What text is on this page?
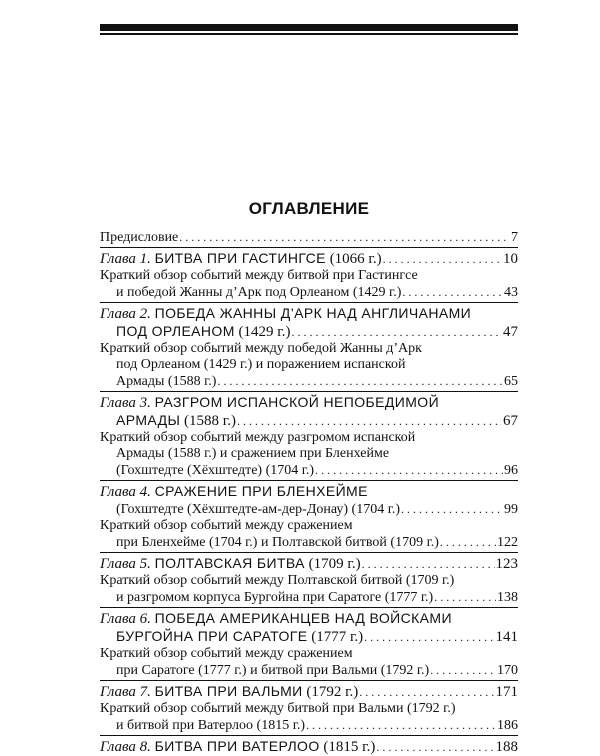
ОГЛАВЛЕНИЕ
Предисловие . . .	7
Глава 1.
БИТВА ПРИ ГАСТИНГСЕ
(1066 г.) . . .	10
Краткий обзор событий между битвой при Гастингсе
и победой Жанны д’Арк под Орлеаном (1429 г.) . . .	43
Глава 2.
ПОБЕДА ЖАННЫ Д’АРК НАД АНГЛИЧАНАМИ
ПОД ОРЛЕАНОМ
(1429 г.) . . .	47
Краткий обзор событий между победой Жанны д’Арк
под Орлеаном (1429 г.) и поражением испанской
Армады (1588 г.) . . .	65
Глава 3.
РАЗГРОМ ИСПАНСКОЙ НЕПОБЕДИМОЙ
АРМАДЫ
(1588 г.) . . .	67
Краткий обзор событий между разгромом испанской
Армады (1588 г.) и сражением при Бленхейме
(Гохштедте (Хёхштедте) (1704 г.) . . .	96
Глава 4.
СРАЖЕНИЕ ПРИ БЛЕНХЕЙМЕ
(Гохштедте (Хёхштедте-ам-дер-Донау) (1704 г.) . . .	99
Краткий обзор событий между сражением
при Бленхейме (1704 г.) и Полтавской битвой (1709 г.) . . .	122
Глава 5.
ПОЛТАВСКАЯ БИТВА
(1709 г.) . . .	123
Краткий обзор событий между Полтавской битвой (1709 г.)
и разгромом корпуса Бургойна при Саратоге (1777 г.) . . .	138
Глава 6.
ПОБЕДА АМЕРИКАНЦЕВ НАД ВОЙСКАМИ
БУРГОЙНА ПРИ САРАТОГЕ
(1777 г.) . . .	141
Краткий обзор событий между сражением
при Саратоге (1777 г.) и битвой при Вальми (1792 г.) . . .	170
Глава 7.
БИТВА ПРИ ВАЛЬМИ
(1792 г.) . . .	171
Краткий обзор событий между битвой при Вальми (1792 г.)
и битвой при Ватерлоо (1815 г.) . . .	186
Глава 8.
БИТВА ПРИ ВАТЕРЛОО
(1815 г.) . . .	188
